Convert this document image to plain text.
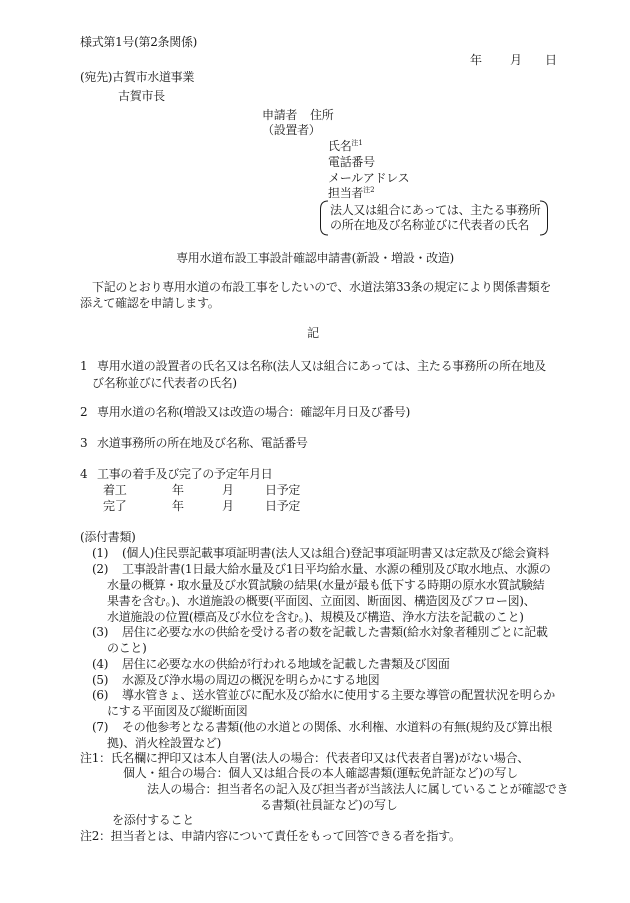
様式第1号(第2条関係)
年 月 日
(宛先)古賀市水道事業
古賀市長
申請者 住所
（設置者）
氏名$^{注1}$
電話番号
メールアドレス
担当者$^{注2}$
法人又は組合にあっては、主たる事務所
の所在地及び名称並びに代表者の氏名
専用水道布設工事設計確認申請書(新設・増設・改造)
下記のとおり専用水道の布設工事をしたいので、水道法第33条の規定により関係書類を
添えて確認を申請します。
記
1 専用水道の設置者の氏名又は名称(法人又は組合にあっては、主たる事務所の所在地及
び名称並びに代表者の氏名)
2 専用水道の名称(増設又は改造の場合：確認年月日及び番号)
3 水道事務所の所在地及び名称、電話番号
4 工事の着手及び完了の予定年月日
着工	年	月	日予定
完了	年	月	日予定
(添付書類)
(1) (個人)住民票記載事項証明書(法人又は組合)登記事項証明書又は定款及び総会資料
(2) 工事設計書(1日最大給水量及び1日平均給水量、水源の種別及び取水地点、水源の
水量の概算・取水量及び水質試験の結果(水量が最も低下する時期の原水水質試験結
果書を含む。)、水道施設の概要(平面図、立面図、断面図、構造図及びフロー図)、
水道施設の位置(標高及び水位を含む。)、規模及び構造、浄水方法を記載のこと)
(3) 居住に必要な水の供給を受ける者の数を記載した書類(給水対象者種別ごとに記載
のこと)
(4) 居住に必要な水の供給が行われる地域を記載した書類及び図面
(5) 水源及び浄水場の周辺の概況を明らかにする地図
(6) 導水管きょ、送水管並びに配水及び給水に使用する主要な導管の配置状況を明らか
にする平面図及び縦断面図
(7) その他参考となる書類(他の水道との関係、水利権、水道料の有無(規約及び算出根
拠)、消火栓設置など)
注1：氏名欄に押印又は本人自署(法人の場合：代表者印又は代表者自署)がない場合、
個人・組合の場合：個人又は組合長の本人確認書類(運転免許証など)の写し
法人の場合：担当者名の記入及び担当者が当該法人に属していることが確認でき
る書類(社員証など)の写し
を添付すること
注2：担当者とは、申請内容について責任をもって回答できる者を指す。
